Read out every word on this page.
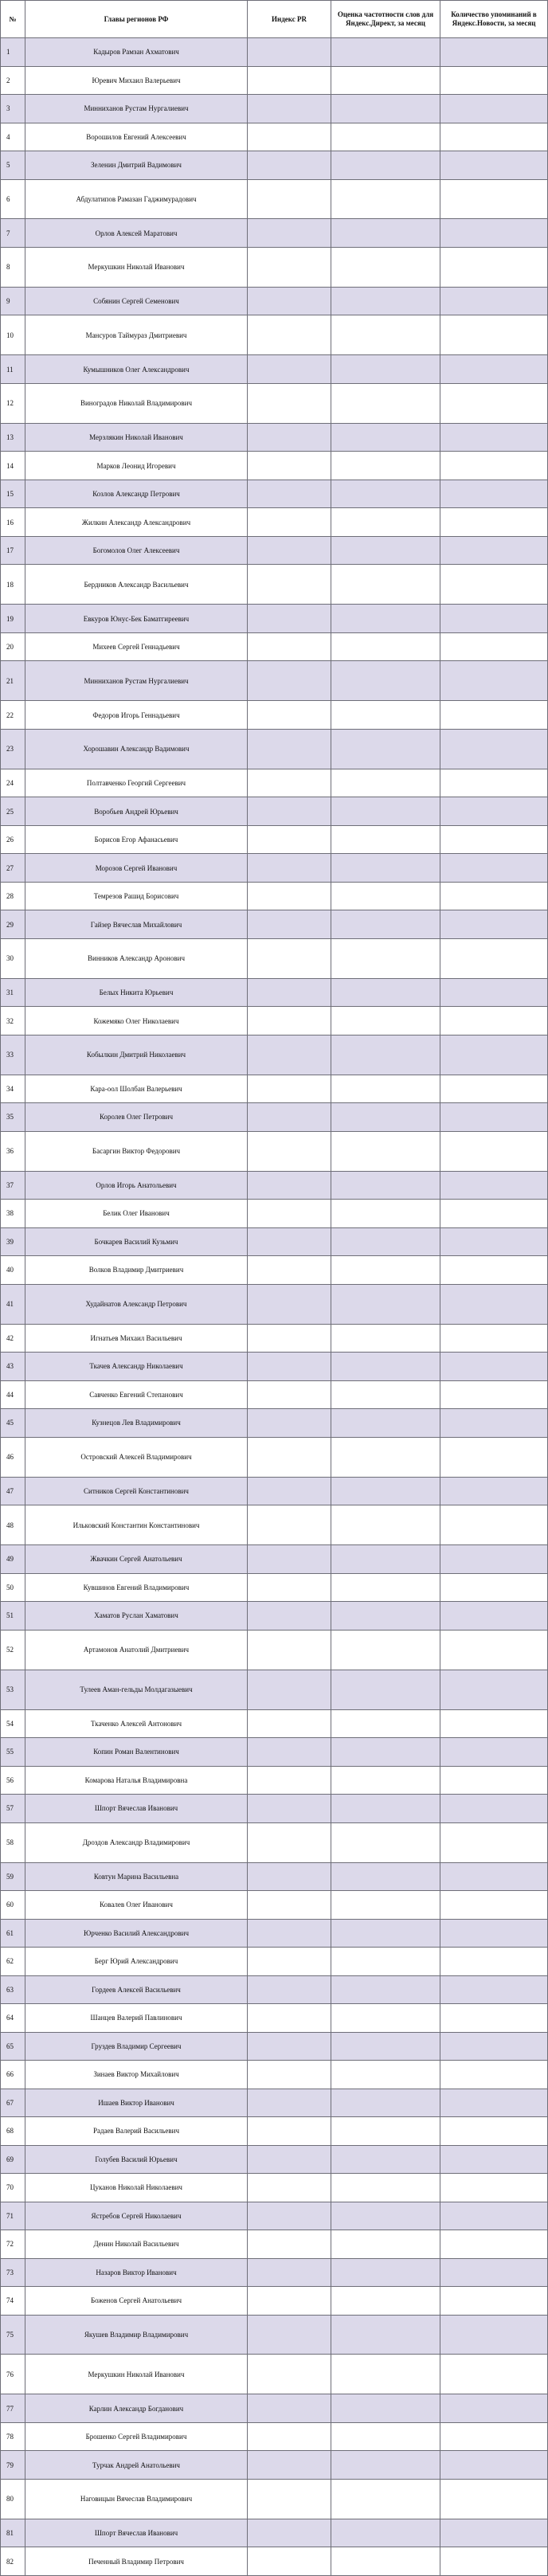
№	Главы регионов РФ	Индекс PR	Оценка частотности слов для Яндекс.Директ, за месяц	Количество упоминаний в Яндекс.Новости, за месяц
1	Кадыров Рамзан Ахматович			
2	Юревич Михаил Валерьевич			
3	Минниханов Рустам Нургалиевич			
4	Ворошилов Евгений Алексеевич			
5	Зеленин Дмитрий Вадимович			
6	Абдулатипов Рамазан Гаджимурадович			
7	Орлов Алексей Маратович			
8	Меркушкин Николай Иванович			
9	Собянин Сергей Семенович			
10	Мансуров Таймураз Дмитриевич			
11	Кумышников Олег Александрович			
12	Виноградов Николай Владимирович			
13	Мерзлякин Николай Иванович			
14	Марков Леонид Игоревич			
15	Козлов Александр Петрович			
16	Жилкин Александр Александрович			
17	Богомолов Олег Алексеевич			
18	Бердников Александр Васильевич			
19	Евкуров Юнус-Бек Баматгиреевич			
20	Михеев Сергей Геннадьевич			
21	Минниханов Рустам Нургалиевич			
22	Федоров Игорь Геннадьевич			
23	Хорошавин Александр Вадимович			
24	Полтавченко Георгий Сергеевич			
25	Воробьев Андрей Юрьевич			
26	Борисов Егор Афанасьевич			
27	Морозов Сергей Иванович			
28	Темрезов Рашид Борисович			
29	Гайзер Вячеслав Михайлович			
30	Винников Александр Аронович			
31	Белых Никита Юрьевич			
32	Кожемяко Олег Николаевич			
33	Кобылкин Дмитрий Николаевич			
34	Кара-оол Шолбан Валерьевич			
35	Королев Олег Петрович			
36	Басаргин Виктор Федорович			
37	Орлов Игорь Анатольевич			
38	Белик Олег Иванович			
39	Бочкарев Василий Кузьмич			
40	Волков Владимир Дмитриевич			
41	Худайнатов Александр Петрович			
42	Игнатьев Михаил Васильевич			
43	Ткачев Александр Николаевич			
44	Савченко Евгений Степанович			
45	Кузнецов Лев Владимирович			
46	Островский Алексей Владимирович			
47	Ситников Сергей Константинович			
48	Ильковский Константин Константинович			
49	Жвачкин Сергей Анатольевич			
50	Кувшинов Евгений Владимирович			
51	Хаматов Руслан Хаматович			
52	Артамонов Анатолий Дмитриевич			
53	Тулеев Аман-гельды Молдагазыевич			
54	Ткаченко Алексей Антонович			
55	Копин Роман Валентинович			
56	Комарова Наталья Владимировна			
57	Шпорт Вячеслав Иванович			
58	Дроздов Александр Владимирович			
59	Ковтун Марина Васильевна			
60	Ковалев Олег Иванович			
61	Юрченко Василий Александрович			
62	Берг Юрий Александрович			
63	Гордеев Алексей Васильевич			
64	Шанцев Валерий Павлинович			
65	Груздев Владимир Сергеевич			
66	Зинаев Виктор Михайлович			
67	Ишаев Виктор Иванович			
68	Радаев Валерий Васильевич			
69	Голубев Василий Юрьевич			
70	Цуканов Николай Николаевич			
71	Ястребов Сергей Николаевич			
72	Денин Николай Васильевич			
73	Назаров Виктор Иванович			
74	Боженов Сергей Анатольевич			
75	Якушев Владимир Владимирович			
76	Меркушкин Николай Иванович			
77	Карлин Александр Богданович			
78	Брошенко Сергей Владимирович			
79	Турчак Андрей Анатольевич			
80	Наговицын Вячеслав Владимирович			
81	Шпорт Вячеслав Иванович			
82	Печенный Владимир Петрович			
